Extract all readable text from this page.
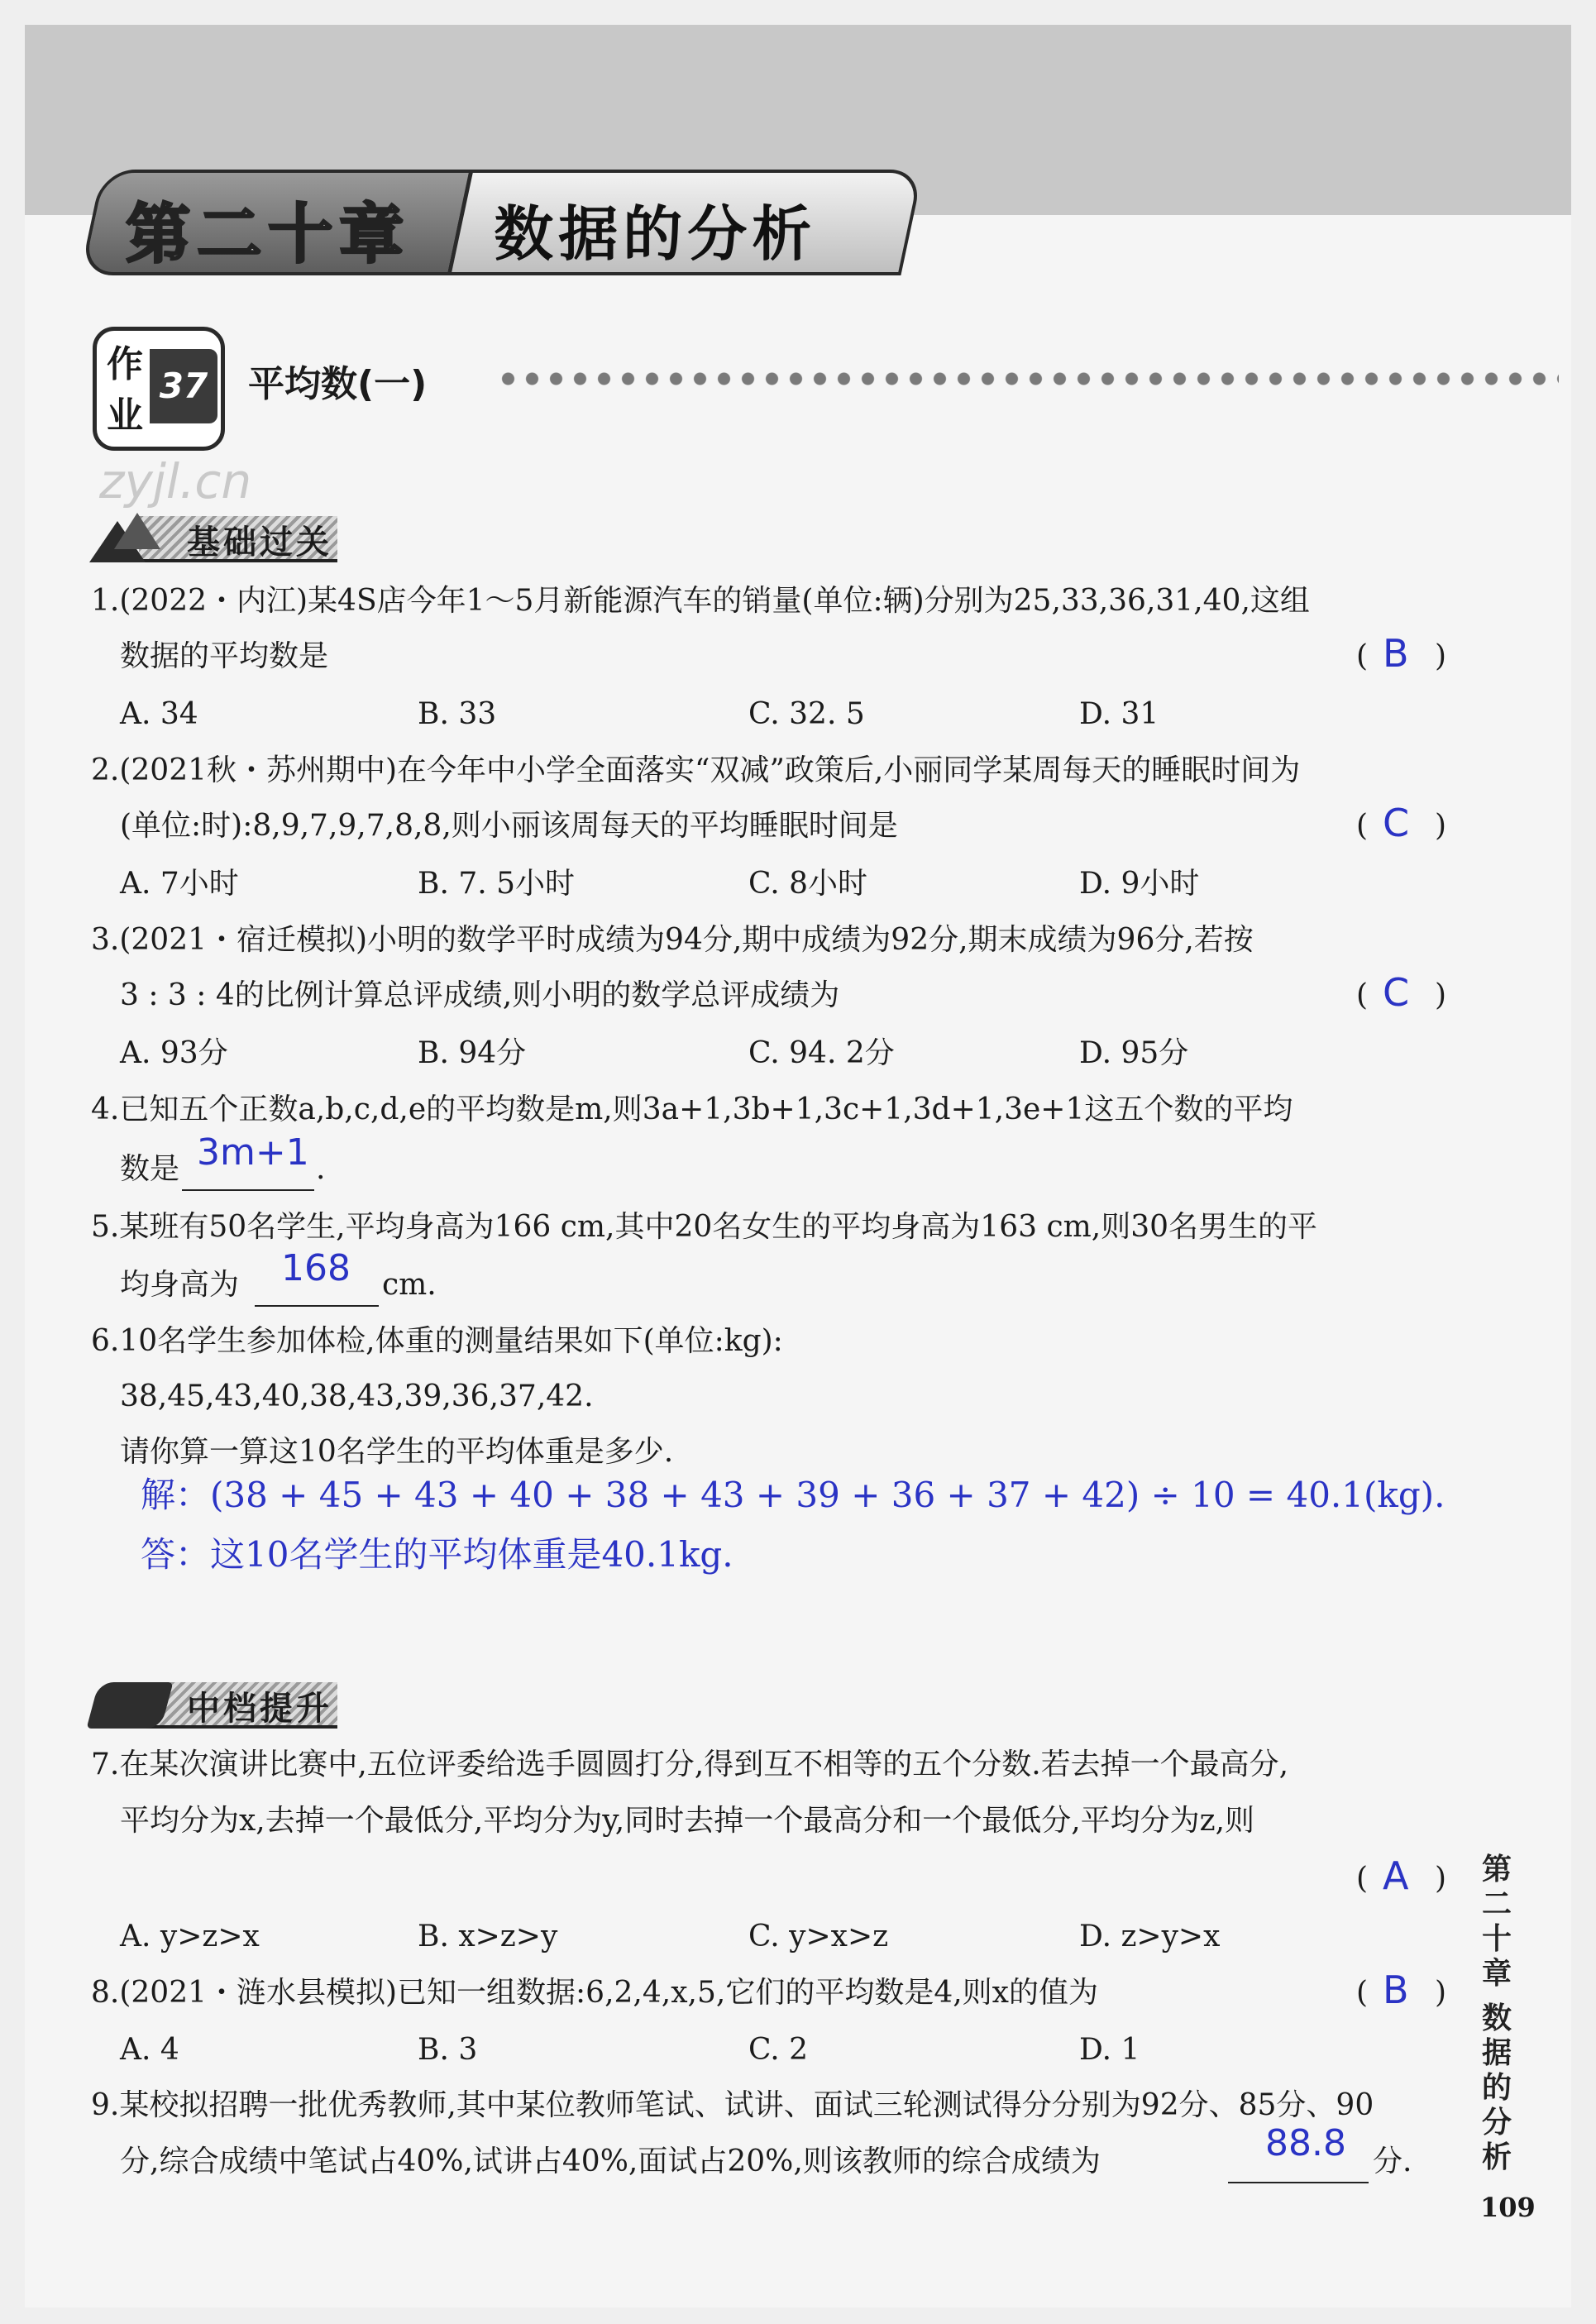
第二十章 数据的分析
作
业
37 平均数(一)
zyjl.cn
基础过关
1.(2022・内江)某4S店今年1～5月新能源汽车的销量(单位:辆)分别为25,33,36,31,40,这组
数据的平均数是	( B )
A. 34	B. 33	C. 32. 5	D. 31
2.(2021秋・苏州期中)在今年中小学全面落实“双减”政策后,小丽同学某周每天的睡眠时间为
(单位:时):8,9,7,9,7,8,8,则小丽该周每天的平均睡眠时间是	( C )
A. 7小时	B. 7. 5小时	C. 8小时	D. 9小时
3.(2021・宿迁模拟)小明的数学平时成绩为94分,期中成绩为92分,期末成绩为96分,若按
3 : 3 : 4的比例计算总评成绩,则小明的数学总评成绩为	( C )
A. 93分	B. 94分	C. 94. 2分	D. 95分
4.已知五个正数a,b,c,d,e的平均数是m,则3a+1,3b+1,3c+1,3d+1,3e+1这五个数的平均
数是 3m+1 .
5.某班有50名学生,平均身高为166 cm,其中20名女生的平均身高为163 cm,则30名男生的平
均身高为 168 cm.
6.10名学生参加体检,体重的测量结果如下(单位:kg):
38,45,43,40,38,43,39,36,37,42.
请你算一算这10名学生的平均体重是多少.
解：(38 + 45 + 43 + 40 + 38 + 43 + 39 + 36 + 37 + 42) ÷ 10 = 40.1(kg).
答：这10名学生的平均体重是40.1kg.
中档提升
7.在某次演讲比赛中,五位评委给选手圆圆打分,得到互不相等的五个分数.若去掉一个最高分,
平均分为x,去掉一个最低分,平均分为y,同时去掉一个最高分和一个最低分,平均分为z,则
( A )
A. y>z>x	B. x>z>y	C. y>x>z	D. z>y>x
8.(2021・涟水县模拟)已知一组数据:6,2,4,x,5,它们的平均数是4,则x的值为	( B )
A. 4	B. 3	C. 2	D. 1
9.某校拟招聘一批优秀教师,其中某位教师笔试、试讲、面试三轮测试得分分别为92分、85分、90
分,综合成绩中笔试占40%,试讲占40%,面试占20%,则该教师的综合成绩为	88.8 分.
第二十章
数据的分析
109
